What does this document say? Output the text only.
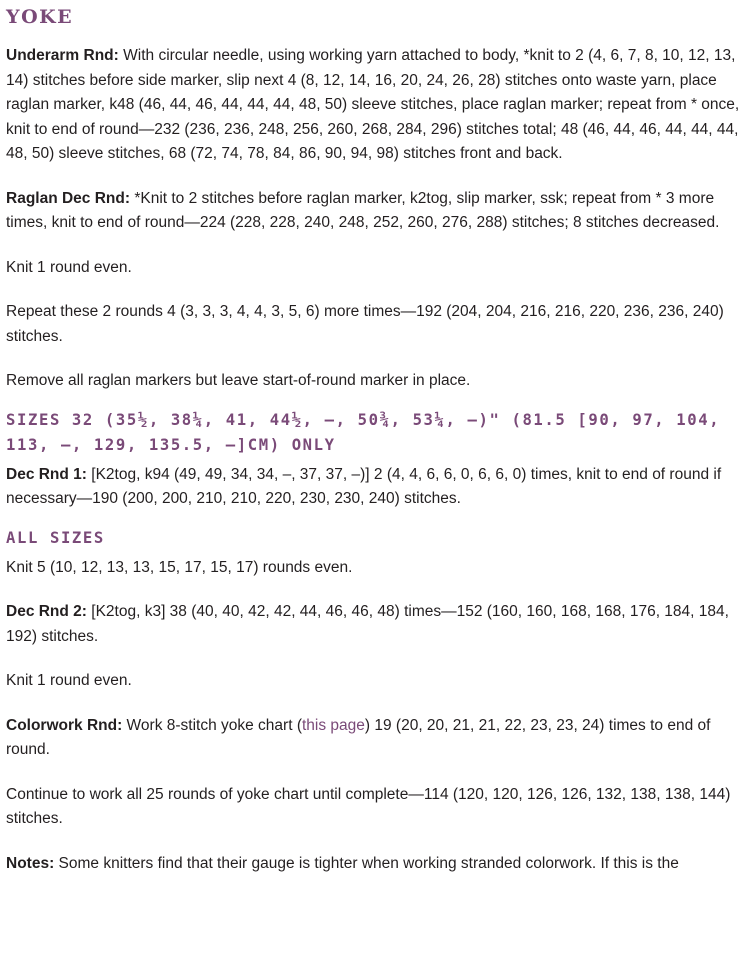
YOKE

Underarm Rnd: With circular needle, using working yarn attached to body, *knit to 2 (4, 6, 7, 8, 10, 12, 13, 14) stitches before side marker, slip next 4 (8, 12, 14, 16, 20, 24, 26, 28) stitches onto waste yarn, place raglan marker, k48 (46, 44, 46, 44, 44, 44, 48, 50) sleeve stitches, place raglan marker; repeat from * once, knit to end of round—232 (236, 236, 248, 256, 260, 268, 284, 296) stitches total; 48 (46, 44, 46, 44, 44, 44, 48, 50) sleeve stitches, 68 (72, 74, 78, 84, 86, 90, 94, 98) stitches front and back.

Raglan Dec Rnd: *Knit to 2 stitches before raglan marker, k2tog, slip marker, ssk; repeat from * 3 more times, knit to end of round—224 (228, 228, 240, 248, 252, 260, 276, 288) stitches; 8 stitches decreased.

Knit 1 round even.

Repeat these 2 rounds 4 (3, 3, 3, 4, 4, 3, 5, 6) more times—192 (204, 204, 216, 216, 220, 236, 236, 240) stitches.

Remove all raglan markers but leave start-of-round marker in place.

SIZES 32 (35½, 38¼, 41, 44½, –, 50¾, 53¼, –)" (81.5 [90, 97, 104, 113, –, 129, 135.5, –]CM) ONLY

Dec Rnd 1: [K2tog, k94 (49, 49, 34, 34, –, 37, 37, –)] 2 (4, 4, 6, 6, 0, 6, 6, 0) times, knit to end of round if necessary—190 (200, 200, 210, 210, 220, 230, 230, 240) stitches.

ALL SIZES

Knit 5 (10, 12, 13, 13, 15, 17, 15, 17) rounds even.

Dec Rnd 2: [K2tog, k3] 38 (40, 40, 42, 42, 44, 46, 46, 48) times—152 (160, 160, 168, 168, 176, 184, 184, 192) stitches.

Knit 1 round even.

Colorwork Rnd: Work 8-stitch yoke chart (this page) 19 (20, 20, 21, 21, 22, 23, 23, 24) times to end of round.

Continue to work all 25 rounds of yoke chart until complete—114 (120, 120, 126, 126, 132, 138, 138, 144) stitches.

Notes: Some knitters find that their gauge is tighter when working stranded colorwork. If this is the
